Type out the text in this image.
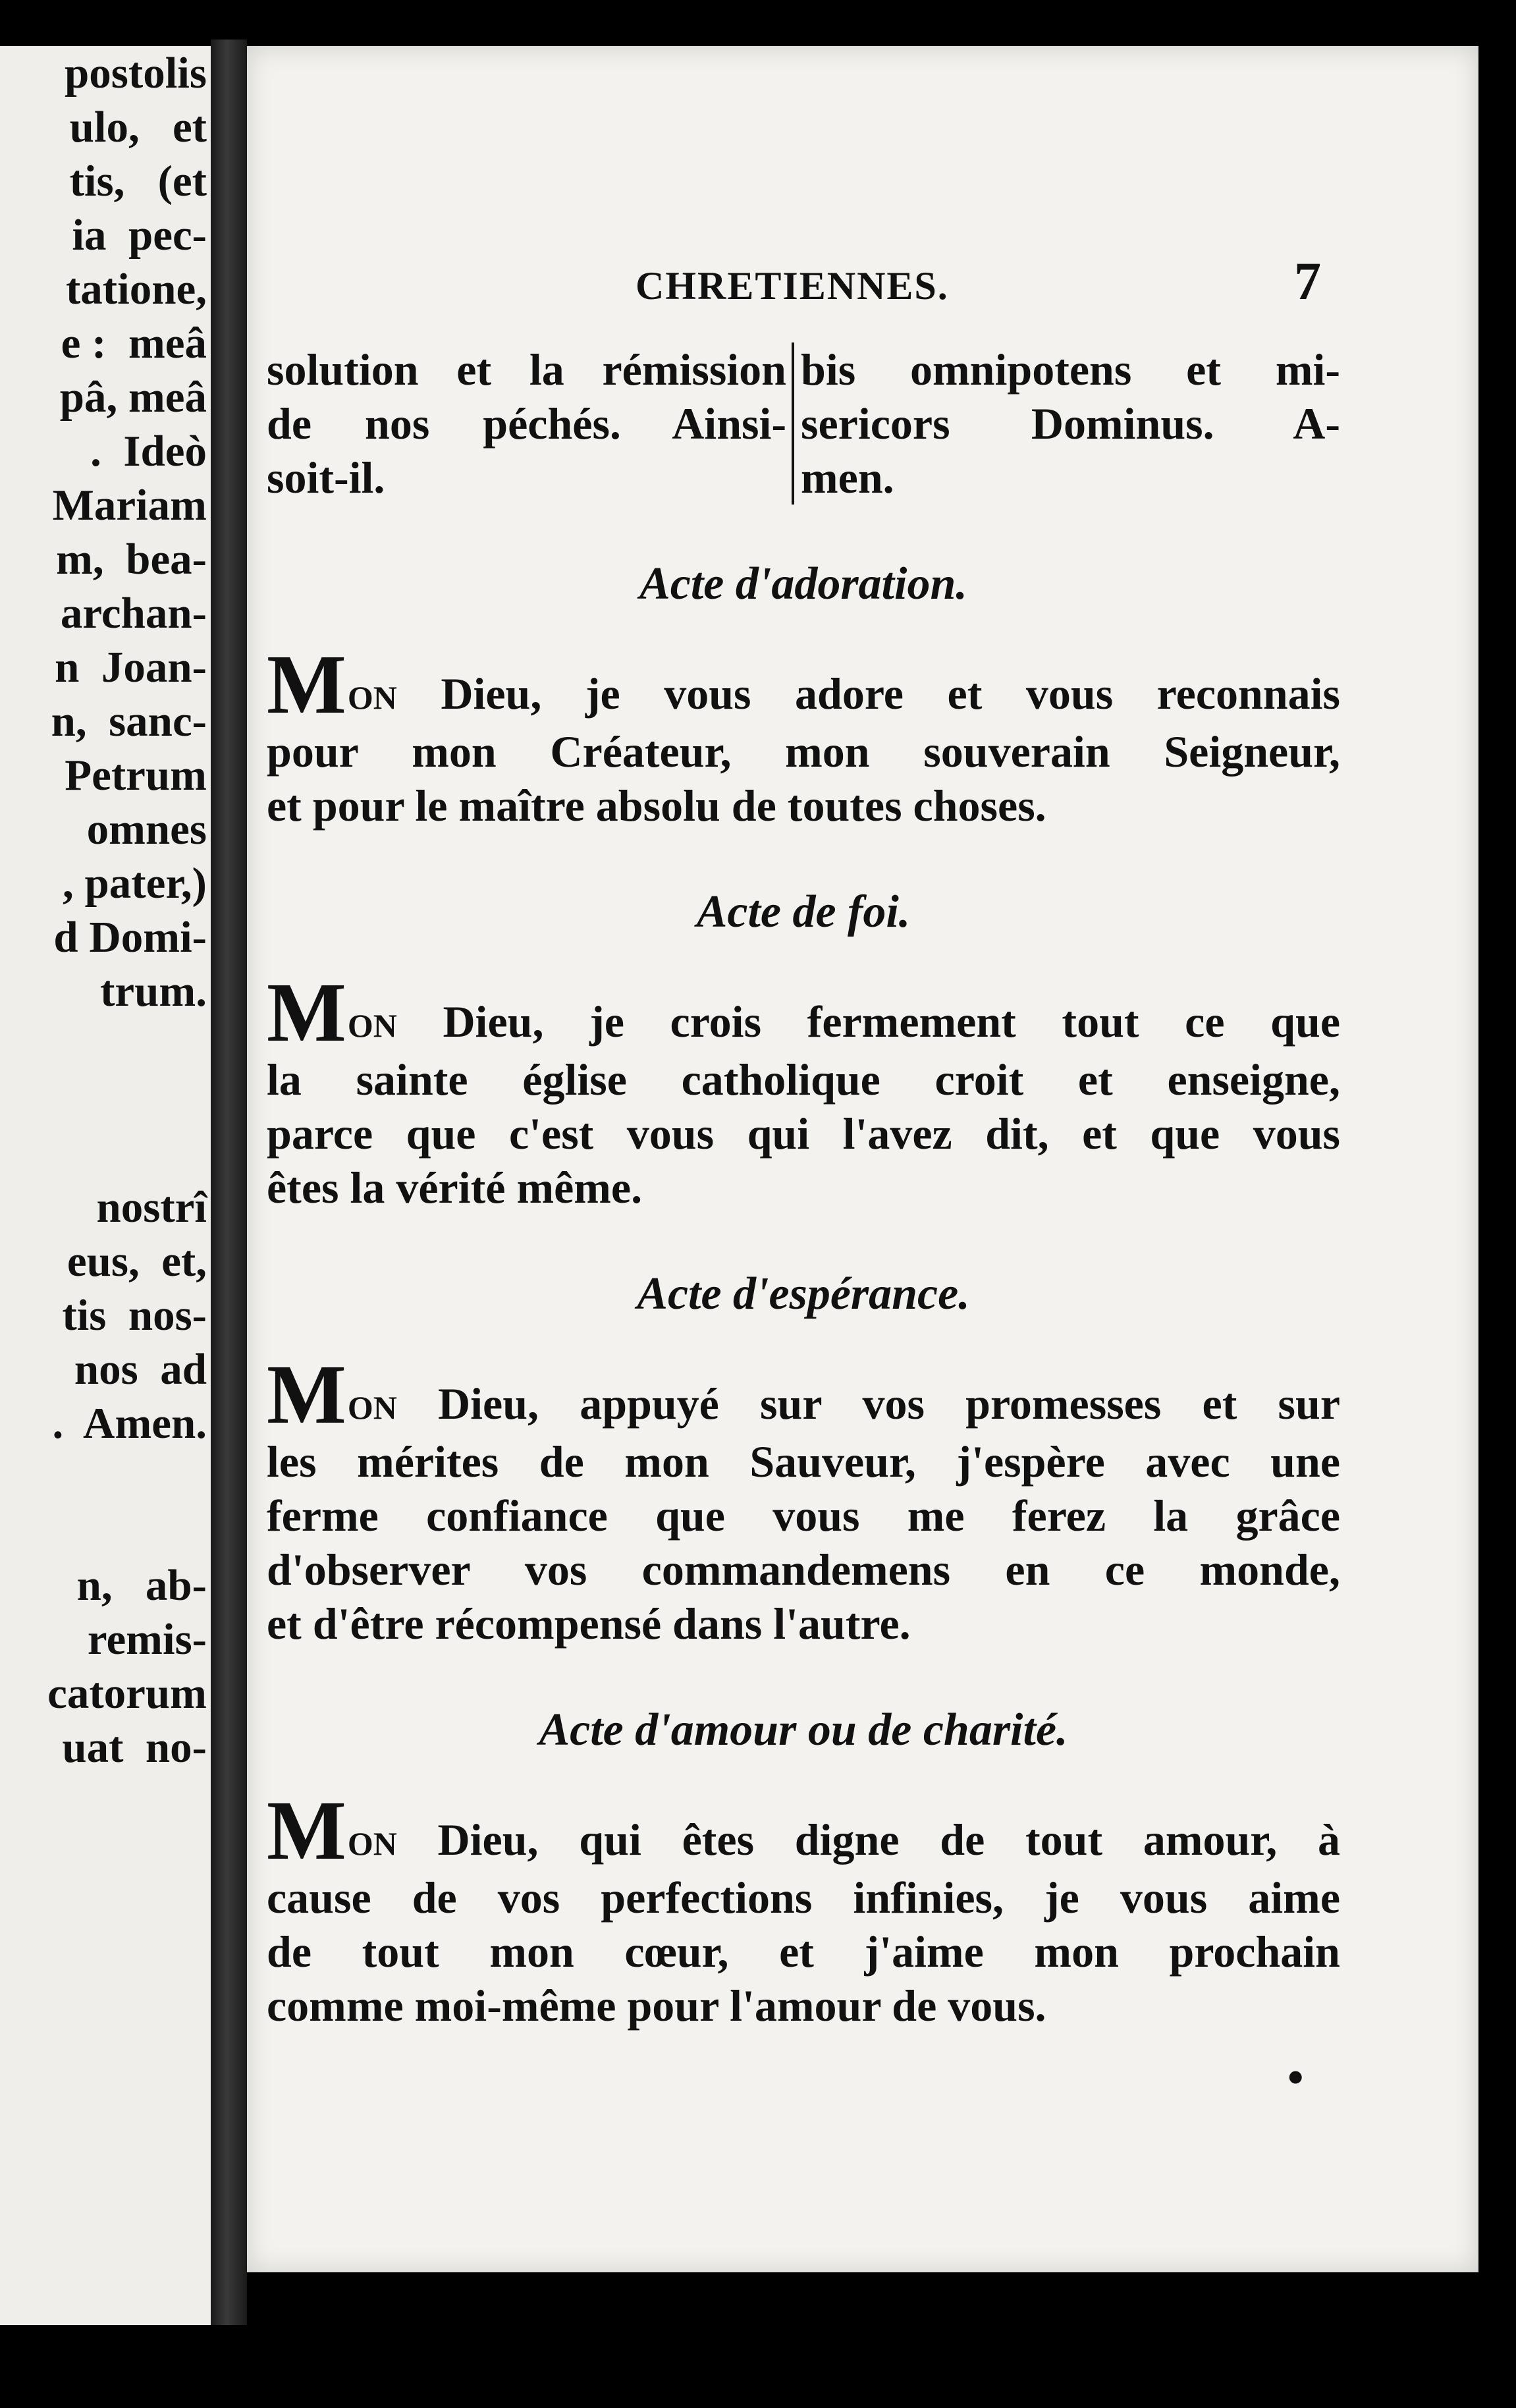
postolis
ulo,   et
tis,   (et
ia  pec-
tatione,
e :  meâ
pâ, meâ
.  Ideò
Mariam
m,  bea-
archan-
n  Joan-
n,  sanc-
Petrum
omnes
, pater,)
d Domi-
trum.

nostrî
eus,  et,
tis  nos-
nos  ad
.  Amen.

n,   ab-
remis-
catorum
uat  no-
CHRETIENNES.	7
solution et la rémission
de nos péchés. Ainsi-
soit-il.
bis omnipotens et mi-
sericors Dominus. A-
men.
Acte d'adoration.
MON Dieu, je vous adore et vous reconnais
pour mon Créateur, mon souverain Seigneur,
et pour le maître absolu de toutes choses.
Acte de foi.
MON Dieu, je crois fermement tout ce que
la sainte église catholique croit et enseigne,
parce que c'est vous qui l'avez dit, et que vous
êtes la vérité même.
Acte d'espérance.
MON Dieu, appuyé sur vos promesses et sur
les mérites de mon Sauveur, j'espère avec une
ferme confiance que vous me ferez la grâce
d'observer vos commandemens en ce monde,
et d'être récompensé dans l'autre.
Acte d'amour ou de charité.
MON Dieu, qui êtes digne de tout amour, à
cause de vos perfections infinies, je vous aime
de tout mon cœur, et j'aime mon prochain
comme moi-même pour l'amour de vous.
•
